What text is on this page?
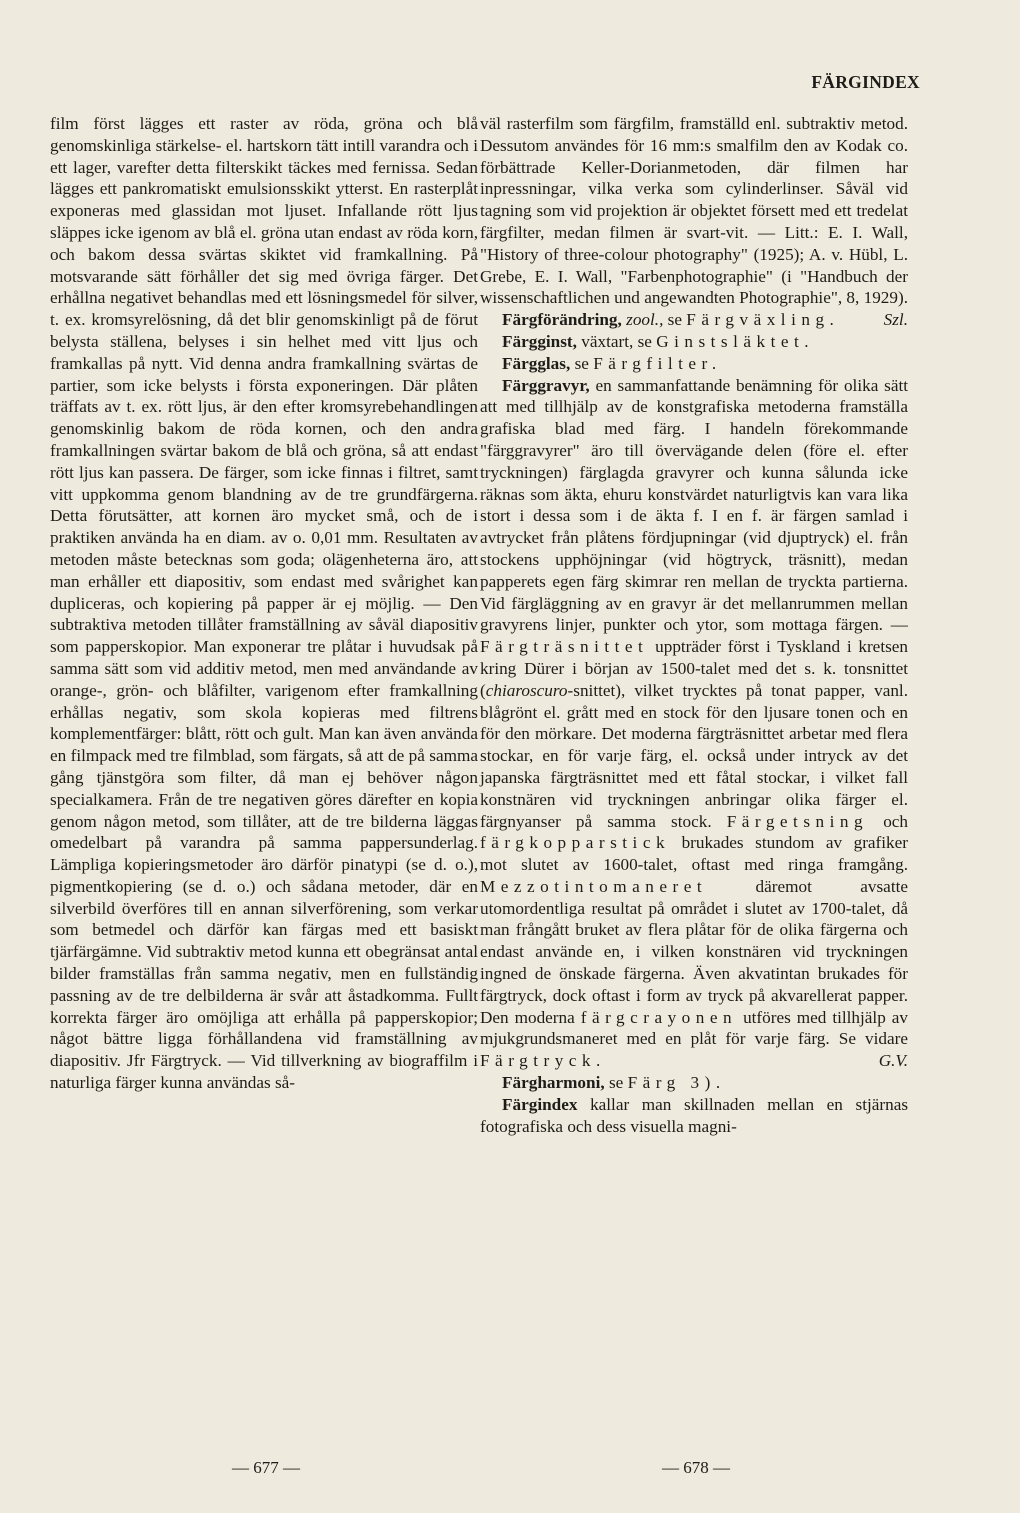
FÄRGINDEX

film först lägges ett raster av röda, gröna och blå genomskinliga stärkelse- el. hartskorn tätt intill varandra och i ett lager, varefter detta filterskikt täckes med fernissa. Sedan lägges ett pankromatiskt emulsionsskikt ytterst. En rasterplåt exponeras med glassidan mot ljuset. Infallande rött ljus släppes icke igenom av blå el. gröna utan endast av röda korn, och bakom dessa svärtas skiktet vid framkallning. På motsvarande sätt förhåller det sig med övriga färger. Det erhållna negativet behandlas med ett lösningsmedel för silver, t. ex. kromsyrelösning, då det blir genomskinligt på de förut belysta ställena, belyses i sin helhet med vitt ljus och framkallas på nytt. Vid denna andra framkallning svärtas de partier, som icke belysts i första exponeringen. Där plåten träffats av t. ex. rött ljus, är den efter kromsyrebehandlingen genomskinlig bakom de röda kornen, och den andra framkallningen svärtar bakom de blå och gröna, så att endast rött ljus kan passera. De färger, som icke finnas i filtret, samt vitt uppkomma genom blandning av de tre grundfärgerna. Detta förutsätter, att kornen äro mycket små, och de i praktiken använda ha en diam. av o. 0,01 mm. Resultaten av metoden måste betecknas som goda; olägenheterna äro, att man erhåller ett diapositiv, som endast med svårighet kan dupliceras, och kopiering på papper är ej möjlig. — Den subtraktiva metoden tillåter framställning av såväl diapositiv som papperskopior. Man exponerar tre plåtar i huvudsak på samma sätt som vid additiv metod, men med användande av orange-, grön- och blåfilter, varigenom efter framkallning erhållas negativ, som skola kopieras med filtrens komplementfärger: blått, rött och gult. Man kan även använda en filmpack med tre filmblad, som färgats, så att de på samma gång tjänstgöra som filter, då man ej behöver någon specialkamera. Från de tre negativen göres därefter en kopia genom någon metod, som tillåter, att de tre bilderna läggas omedelbart på varandra på samma pappersunderlag. Lämpliga kopieringsmetoder äro därför pinatypi (se d. o.), pigmentkopiering (se d. o.) och sådana metoder, där en silverbild överföres till en annan silverförening, som verkar som betmedel och därför kan färgas med ett basiskt tjärfärgämne. Vid subtraktiv metod kunna ett obegränsat antal bilder framställas från samma negativ, men en fullständig passning av de tre delbilderna är svår att åstadkomma. Fullt korrekta färger äro omöjliga att erhålla på papperskopior; något bättre ligga förhållandena vid framställning av diapositiv. Jfr Färgtryck. — Vid tillverkning av biograffilm i naturliga färger kunna användas så-

väl rasterfilm som färgfilm, framställd enl. subtraktiv metod. Dessutom användes för 16 mm:s smalfilm den av Kodak co. förbättrade Keller-Dorianmetoden, där filmen har inpressningar, vilka verka som cylinderlinser. Såväl vid tagning som vid projektion är objektet försett med ett tredelat färgfilter, medan filmen är svart-vit. — Litt.: E. I. Wall, "History of three-colour photography" (1925); A. v. Hübl, L. Grebe, E. I. Wall, "Farbenphotographie" (i "Handbuch der wissenschaftlichen und angewandten Photographie", 8, 1929).
Szl.

Färgförändring, zool., se Färgväxling.

Färgginst, växtart, se Ginstsläktet.

Färgglas, se Färgfilter.

Färggravyr, en sammanfattande benämning för olika sätt att med tillhjälp av de konstgrafiska metoderna framställa grafiska blad med färg. I handeln förekommande "färggravyrer" äro till övervägande delen (före el. efter tryckningen) färglagda gravyrer och kunna sålunda icke räknas som äkta, ehuru konstvärdet naturligtvis kan vara lika stort i dessa som i de äkta f. I en f. är färgen samlad i avtrycket från plåtens fördjupningar (vid djuptryck) el. från stockens upphöjningar (vid högtryck, träsnitt), medan papperets egen färg skimrar ren mellan de tryckta partierna. Vid färgläggning av en gravyr är det mellanrummen mellan gravyrens linjer, punkter och ytor, som mottaga färgen. — Färgträsnittet uppträder först i Tyskland i kretsen kring Dürer i början av 1500-talet med det s. k. tonsnittet (chiaroscuro-snittet), vilket trycktes på tonat papper, vanl. blågrönt el. grått med en stock för den ljusare tonen och en för den mörkare. Det moderna färgträsnittet arbetar med flera stockar, en för varje färg, el. också under intryck av det japanska färgträsnittet med ett fåtal stockar, i vilket fall konstnären vid tryckningen anbringar olika färger el. färgnyanser på samma stock. Färgetsning och färgkopparstick brukades stundom av grafiker mot slutet av 1600-talet, oftast med ringa framgång. Mezzotintomaneret	däremot avsatte utomordentliga resultat på området i slutet av 1700-talet, då man frångått bruket av flera plåtar för de olika färgerna och endast använde en, i vilken konstnären vid tryckningen ingned de önskade färgerna. Även akvatintan brukades för färgtryck, dock oftast i form av tryck på akvarellerat papper. Den moderna färgcrayonen utföres med tillhjälp av mjukgrundsmaneret med en plåt för varje färg. Se vidare Färgtryck.	G.V.

Färgharmoni, se Färg 3).

Färgindex kallar man skillnaden mellan en stjärnas fotografiska och dess visuella magni-

— 677 —	— 678 —
